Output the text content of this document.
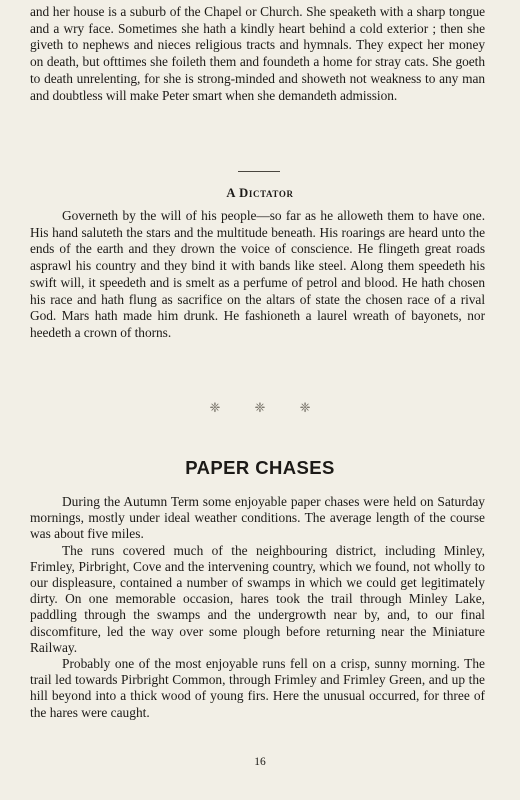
and her house is a suburb of the Chapel or Church. She speaketh with a sharp tongue and a wry face. Sometimes she hath a kindly heart behind a cold exterior ; then she giveth to nephews and nieces religious tracts and hymnals. They expect her money on death, but ofttimes she foileth them and foundeth a home for stray cats. She goeth to death unrelenting, for she is strong-minded and showeth not weakness to any man and doubtless will make Peter smart when she demandeth admission.

A Dictator

Governeth by the will of his people—so far as he alloweth them to have one. His hand saluteth the stars and the multitude beneath. His roarings are heard unto the ends of the earth and they drown the voice of conscience. He flingeth great roads asprawl his country and they bind it with bands like steel. Along them speedeth his swift will, it speedeth and is smelt as a perfume of petrol and blood. He hath chosen his race and hath flung as sacrifice on the altars of state the chosen race of a rival God. Mars hath made him drunk. He fashioneth a laurel wreath of bayonets, nor heedeth a crown of thorns.

❈	❈	❈
PAPER CHASES

During the Autumn Term some enjoyable paper chases were held on Saturday mornings, mostly under ideal weather conditions. The average length of the course was about five miles.

The runs covered much of the neighbouring district, including Minley, Frimley, Pirbright, Cove and the intervening country, which we found, not wholly to our displeasure, contained a number of swamps in which we could get legitimately dirty. On one memorable occasion, hares took the trail through Minley Lake, paddling through the swamps and the undergrowth near by, and, to our final discomfiture, led the way over some plough before returning near the Miniature Railway.

Probably one of the most enjoyable runs fell on a crisp, sunny morning. The trail led towards Pirbright Common, through Frimley and Frimley Green, and up the hill beyond into a thick wood of young firs. Here the unusual occurred, for three of the hares were caught.

16
